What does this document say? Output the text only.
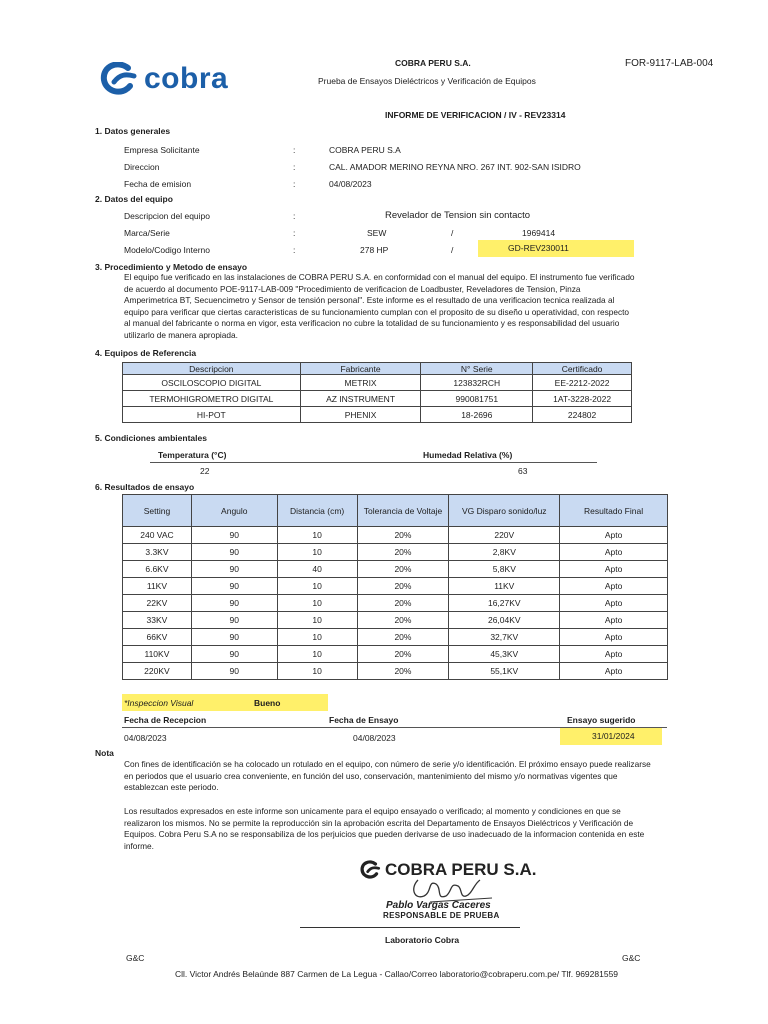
cobra	COBRA PERU S.A.
Prueba de Ensayos Dieléctricos y Verificación de Equipos
FOR-9117-LAB-004
INFORME DE VERIFICACION / IV - REV23314
1. Datos generales
Empresa Solicitante	:	COBRA PERU S.A
Direccion	:	CAL. AMADOR MERINO REYNA NRO. 267 INT. 902-SAN ISIDRO
Fecha de emision	:	04/08/2023
2. Datos del equipo
Descripcion del equipo	:	Revelador de Tension sin contacto
Marca/Serie	:	SEW	/	1969414
Modelo/Codigo Interno	:	278 HP	/	GD-REV230011
3. Procedimiento y Metodo de ensayo
El equipo fue verificado en las instalaciones de COBRA PERU S.A. en conformidad con el manual del equipo. El instrumento fue verificado
de acuerdo al documento POE-9117-LAB-009 "Procedimiento de verificacion de Loadbuster, Reveladores de Tension, Pinza
Amperimetrica BT, Secuencimetro y Sensor de tensión personal". Este informe es el resultado de una verificacion tecnica realizada al
equipo para verificar que ciertas caracteristicas de su funcionamiento cumplan con el proposito de su diseño u operatividad, con respecto
al manual del fabricante o norma en vigor, esta verificacion no cubre la totalidad de su funcionamiento y es responsabilidad del usuario
utilizarlo de manera apropiada.
4. Equipos de Referencia
Descripcion	Fabricante	N° Serie	Certificado
OSCILOSCOPIO DIGITAL	METRIX	123832RCH	EE-2212-2022
TERMOHIGROMETRO DIGITAL	AZ INSTRUMENT	990081751	1AT-3228-2022
HI-POT	PHENIX	18-2696	224802
5. Condiciones ambientales
Temperatura (°C)	Humedad Relativa (%)
22	63
6. Resultados de ensayo
Setting	Angulo	Distancia (cm)	Tolerancia de Voltaje	VG Disparo sonido/luz	Resultado Final
240 VAC	90	10	20%	220V	Apto
3.3KV	90	10	20%	2,8KV	Apto
6.6KV	90	40	20%	5,8KV	Apto
11KV	90	10	20%	11KV	Apto
22KV	90	10	20%	16,27KV	Apto
33KV	90	10	20%	26,04KV	Apto
66KV	90	10	20%	32,7KV	Apto
110KV	90	10	20%	45,3KV	Apto
220KV	90	10	20%	55,1KV	Apto
*Inspeccion Visual	Bueno
Fecha de Recepcion	Fecha de Ensayo	Ensayo sugerido
04/08/2023	04/08/2023	31/01/2024
Nota
Con fines de identificación se ha colocado un rotulado en el equipo, con número de serie y/o identificación. El próximo ensayo puede realizarse
en periodos que el usuario crea conveniente, en función del uso, conservación, mantenimiento del mismo y/o normativas vigentes que
establezcan este periodo.
Los resultados expresados en este informe son unicamente para el equipo ensayado o verificado; al momento y condiciones en que se
realizaron los mismos. No se permite la reproducción sin la aprobación escrita del Departamento de Ensayos Dieléctricos y Verificación de
Equipos. Cobra Peru S.A no se responsabiliza de los perjuicios que pueden derivarse de uso inadecuado de la informacion contenida en este
informe.
COBRA PERU S.A.
Pablo Vargas Caceres
RESPONSABLE DE PRUEBA
Laboratorio Cobra
G&C	G&C
Cll. Victor Andrés Belaúnde 887 Carmen de La Legua - Callao/Correo laboratorio@cobraperu.com.pe/ Tlf. 969281559
